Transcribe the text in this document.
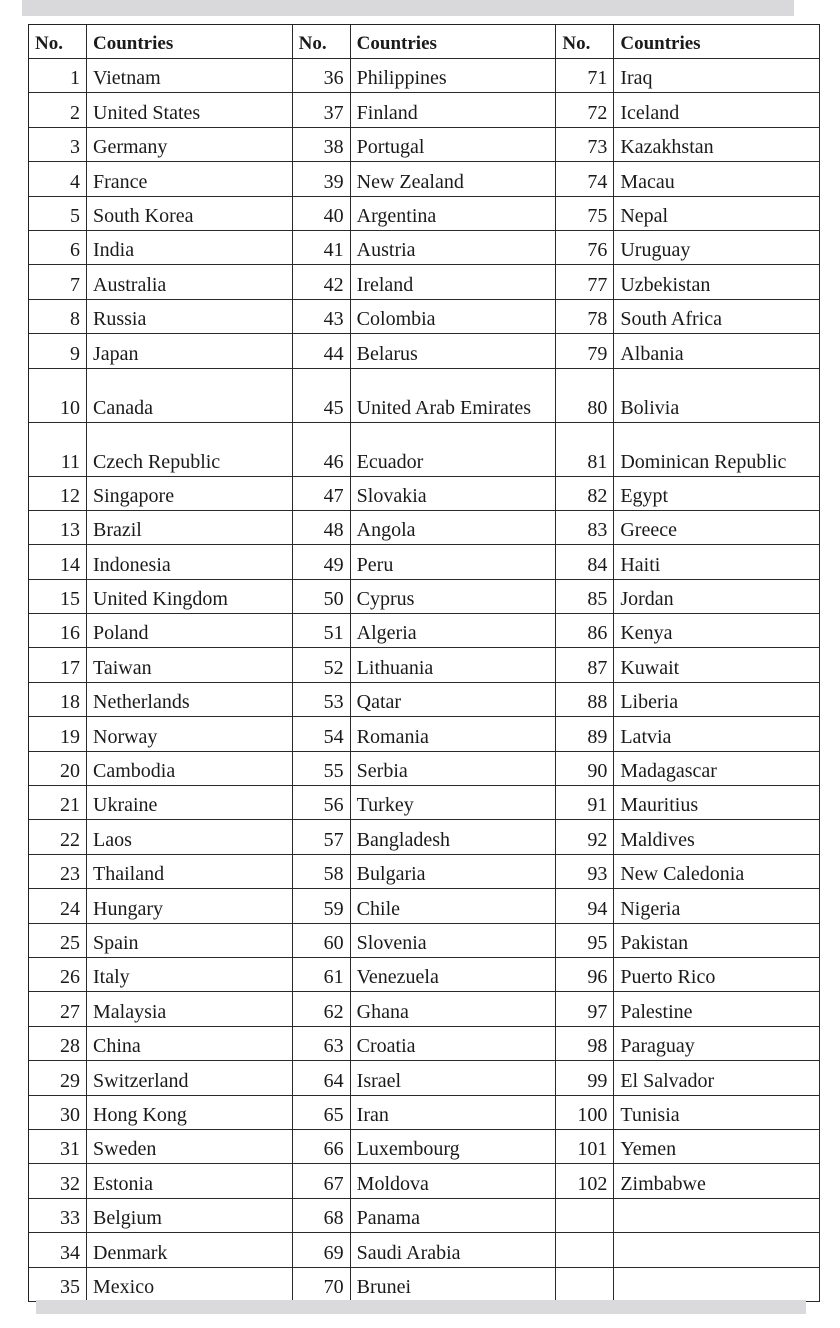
No.	Countries
1 Vietnam
2 United States
3 Germany
4 France
5 South Korea
6 India
7 Australia
8 Russia
9 Japan
10 Canada
11 Czech Republic
12 Singapore
13 Brazil
14 Indonesia
15 United Kingdom
16 Poland
17 Taiwan
18 Netherlands
19 Norway
20 Cambodia
21 Ukraine
22 Laos
23 Thailand
24 Hungary
25 Spain
26 Italy
27 Malaysia
28 China
29 Switzerland
30 Hong Kong
31 Sweden
32 Estonia
33 Belgium
34 Denmark
35 Mexico
No.	Countries
36 Philippines
37 Finland
38 Portugal
39 New Zealand
40 Argentina
41 Austria
42 Ireland
43 Colombia
44 Belarus
45 United Arab Emirates
46 Ecuador
47 Slovakia
48 Angola
49 Peru
50 Cyprus
51 Algeria
52 Lithuania
53 Qatar
54 Romania
55 Serbia
56 Turkey
57 Bangladesh
58 Bulgaria
59 Chile
60 Slovenia
61 Venezuela
62 Ghana
63 Croatia
64 Israel
65 Iran
66 Luxembourg
67 Moldova
68 Panama
69 Saudi Arabia
70 Brunei
No.	Countries
71 Iraq
72 Iceland
73 Kazakhstan
74 Macau
75 Nepal
76 Uruguay
77 Uzbekistan
78 South Africa
79 Albania
80 Bolivia
81 Dominican Republic
82 Egypt
83 Greece
84 Haiti
85 Jordan
86 Kenya
87 Kuwait
88 Liberia
89 Latvia
90 Madagascar
91 Mauritius
92 Maldives
93 New Caledonia
94 Nigeria
95 Pakistan
96 Puerto Rico
97 Palestine
98 Paraguay
99 El Salvador
100 Tunisia
101 Yemen
102 Zimbabwe
